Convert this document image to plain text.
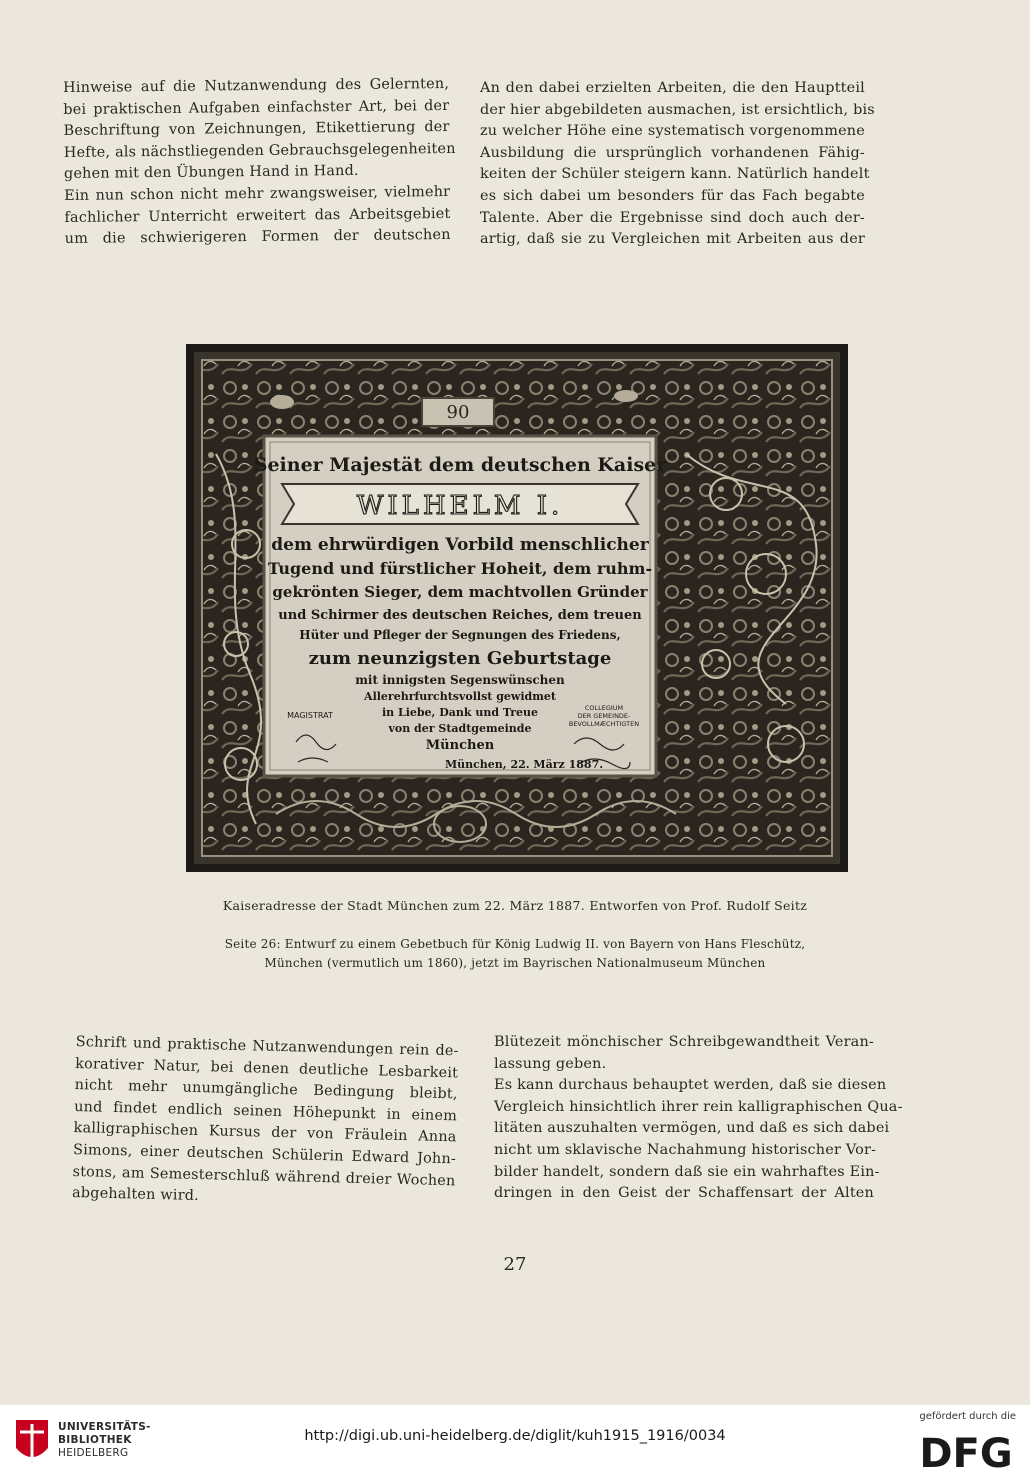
Hinweise auf die Nutzanwendung des Gelernten,
bei praktischen Aufgaben einfachster Art, bei der
Beschriftung von Zeichnungen, Etikettierung der
Hefte, als nächstliegenden Gebrauchsgelegenheiten
gehen mit den Übungen Hand in Hand.
Ein nun schon nicht mehr zwangsweiser, vielmehr
fachlicher Unterricht erweitert das Arbeitsgebiet
um die schwierigeren Formen der deutschen
An den dabei erzielten Arbeiten, die den Hauptteil
der hier abgebildeten ausmachen, ist ersichtlich, bis
zu welcher Höhe eine systematisch vorgenommene
Ausbildung die ursprünglich vorhandenen Fähig-
keiten der Schüler steigern kann. Natürlich handelt
es sich dabei um besonders für das Fach begabte
Talente. Aber die Ergebnisse sind doch auch der-
artig, daß sie zu Vergleichen mit Arbeiten aus der
90
Seiner Majestät dem deutschen Kaiser
WILHELM I.
dem ehrwürdigen Vorbild menschlicher
Tugend und fürstlicher Hoheit, dem ruhm-
gekrönten Sieger, dem machtvollen Gründer
und Schirmer des deutschen Reiches, dem treuen
Hüter und Pfleger der Segnungen des Friedens,
zum neunzigsten Geburtstage
mit innigsten Segenswünschen
Allerehrfurchtsvollst gewidmet
in Liebe, Dank und Treue
von der Stadtgemeinde
München
MAGISTRAT
COLLEGIUM
DER GEMEINDE-
BEVOLLMÆCHTIGTEN
München, 22. März 1887.
Kaiseradresse der Stadt München zum 22. März 1887. Entworfen von Prof. Rudolf Seitz
Seite 26: Entwurf zu einem Gebetbuch für König Ludwig II. von Bayern von Hans Fleschütz,
München (vermutlich um 1860), jetzt im Bayrischen Nationalmuseum München
Schrift und praktische Nutzanwendungen rein de-
korativer Natur, bei denen deutliche Lesbarkeit
nicht mehr unumgängliche Bedingung bleibt,
und findet endlich seinen Höhepunkt in einem
kalligraphischen Kursus der von Fräulein Anna
Simons, einer deutschen Schülerin Edward John-
stons, am Semesterschluß während dreier Wochen
abgehalten wird.
Blütezeit mönchischer Schreibgewandtheit Veran-
lassung geben.
Es kann durchaus behauptet werden, daß sie diesen
Vergleich hinsichtlich ihrer rein kalligraphischen Qua-
litäten auszuhalten vermögen, und daß es sich dabei
nicht um sklavische Nachahmung historischer Vor-
bilder handelt, sondern daß sie ein wahrhaftes Ein-
dringen in den Geist der Schaffensart der Alten
27
UNIVERSITÄTS-
BIBLIOTHEK
HEIDELBERG
http://digi.ub.uni-heidelberg.de/diglit/kuh1915_1916/0034
gefördert durch die
DFG
